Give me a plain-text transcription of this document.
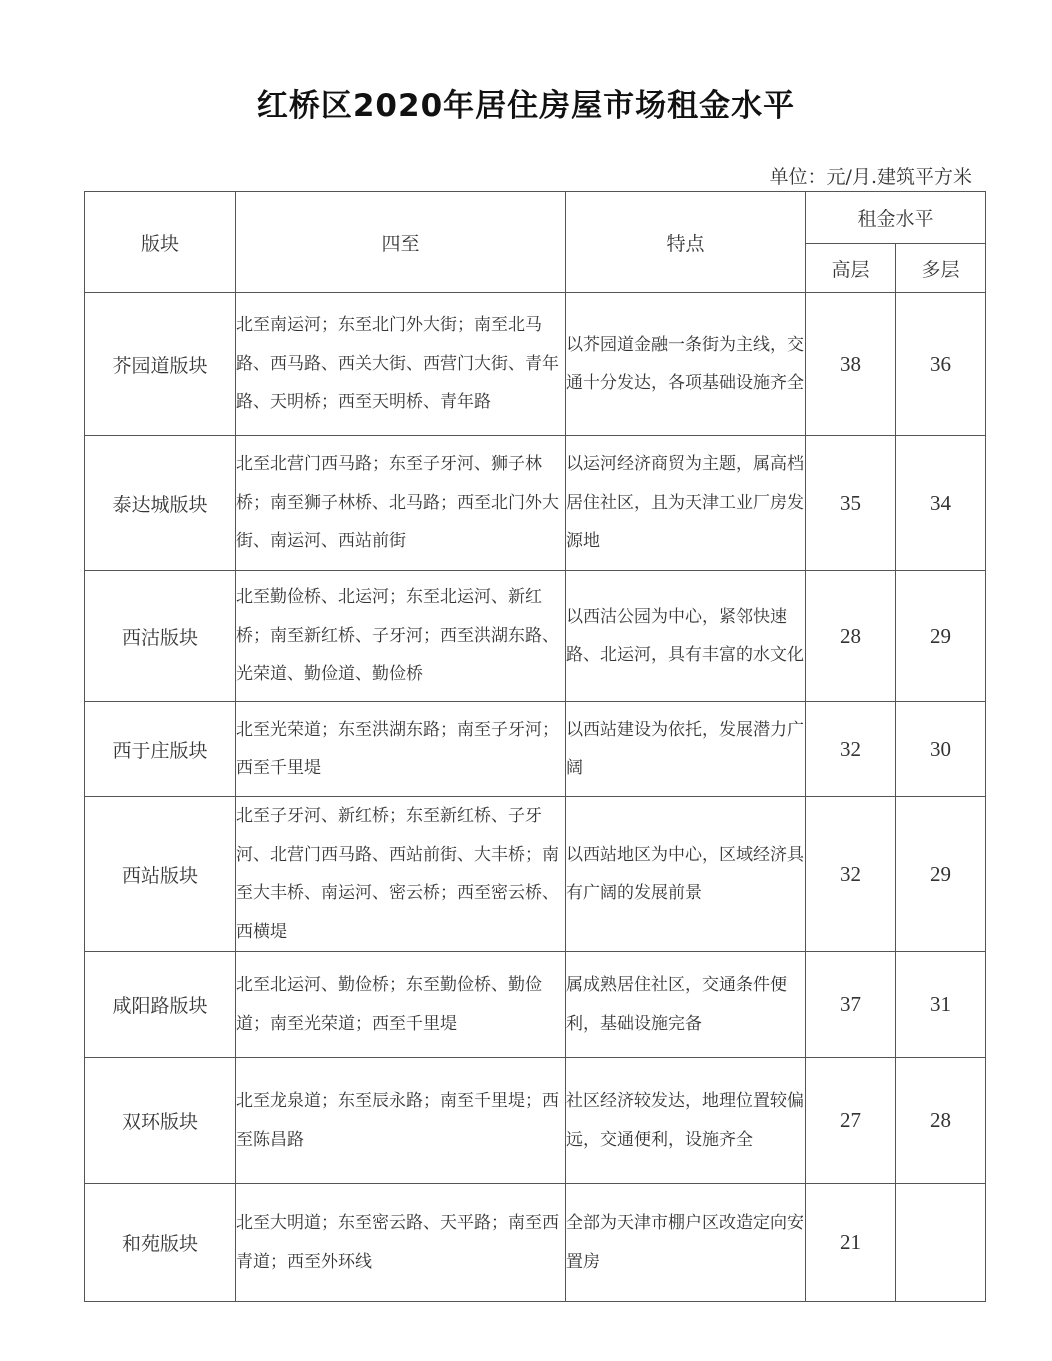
红桥区2020年居住房屋市场租金水平
单位：元/月.建筑平方米
版块	四至	特点	租金水平	
			高层	多层
芥园道版块	北至南运河；东至北门外大街；南至北马路、西马路、西关大街、西营门大街、青年路、天明桥；西至天明桥、青年路	以芥园道金融一条街为主线，交通十分发达，各项基础设施齐全	38	36
泰达城版块	北至北营门西马路；东至子牙河、狮子林桥；南至狮子林桥、北马路；西至北门外大街、南运河、西站前街	以运河经济商贸为主题，属高档居住社区，且为天津工业厂房发源地	35	34
西沽版块	北至勤俭桥、北运河；东至北运河、新红桥；南至新红桥、子牙河；西至洪湖东路、光荣道、勤俭道、勤俭桥	以西沽公园为中心，紧邻快速路、北运河，具有丰富的水文化	28	29
西于庄版块	北至光荣道；东至洪湖东路；南至子牙河；西至千里堤	以西站建设为依托，发展潜力广阔	32	30
西站版块	北至子牙河、新红桥；东至新红桥、子牙河、北营门西马路、西站前街、大丰桥；南至大丰桥、南运河、密云桥；西至密云桥、西横堤	以西站地区为中心，区域经济具有广阔的发展前景	32	29
咸阳路版块	北至北运河、勤俭桥；东至勤俭桥、勤俭道；南至光荣道；西至千里堤	属成熟居住社区，交通条件便利，基础设施完备	37	31
双环版块	北至龙泉道；东至辰永路；南至千里堤；西至陈昌路	社区经济较发达，地理位置较偏远，交通便利，设施齐全	27	28
和苑版块	北至大明道；东至密云路、天平路；南至西青道；西至外环线	全部为天津市棚户区改造定向安置房	21	
